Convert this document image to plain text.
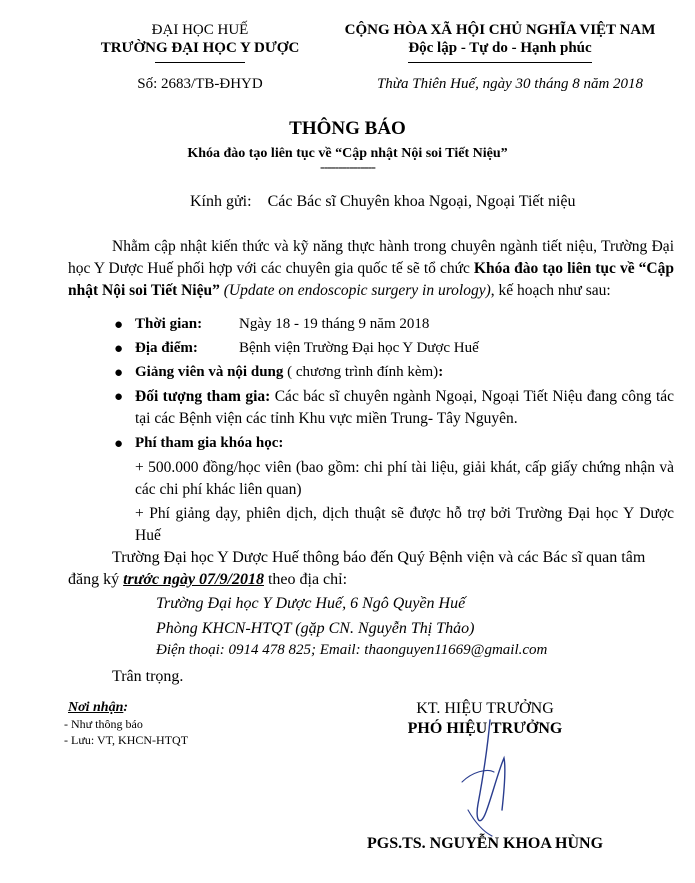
ĐẠI HỌC HUẾ
TRƯỜNG ĐẠI HỌC Y DƯỢC
Số: 2683/TB-ĐHYD
CỘNG HÒA XÃ HỘI CHỦ NGHĨA VIỆT NAM
Độc lập - Tự do - Hạnh phúc
Thừa Thiên Huế, ngày 30 tháng 8 năm 2018
THÔNG BÁO
Khóa đào tạo liên tục về “Cập nhật Nội soi Tiết Niệu”
---------------
Kính gửi: Các Bác sĩ Chuyên khoa Ngoại, Ngoại Tiết niệu
Nhằm cập nhật kiến thức và kỹ năng thực hành trong chuyên ngành tiết niệu, Trường Đại học Y Dược Huế phối hợp với các chuyên gia quốc tế sẽ tổ chức Khóa đào tạo liên tục về “Cập nhật Nội soi Tiết Niệu” (Update on endoscopic surgery in urology), kế hoạch như sau:
● Thời gian: Ngày 18 - 19 tháng 9 năm 2018
● Địa điểm:	Bệnh viện Trường Đại học Y Dược Huế
● Giảng viên và nội dung ( chương trình đính kèm):
● Đối tượng tham gia: Các bác sĩ chuyên ngành Ngoại, Ngoại Tiết Niệu đang công tác tại các Bệnh viện các tỉnh Khu vực miền Trung- Tây Nguyên.
● Phí tham gia khóa học:
+ 500.000 đồng/học viên (bao gồm: chi phí tài liệu, giải khát, cấp giấy chứng nhận và các chi phí khác liên quan)
+ Phí giảng dạy, phiên dịch, dịch thuật sẽ được hỗ trợ bởi Trường Đại học Y Dược Huế
Trường Đại học Y Dược Huế thông báo đến Quý Bệnh viện và các Bác sĩ quan tâm
đăng ký trước ngày 07/9/2018 theo địa chỉ:
Trường Đại học Y Dược Huế, 6 Ngô Quyền Huế
Phòng KHCN-HTQT (gặp CN. Nguyễn Thị Thảo)
Điện thoại: 0914 478 825; Email: thaonguyen11669@gmail.com
Trân trọng.
Nơi nhận:
- Như thông báo
- Lưu: VT, KHCN-HTQT
KT. HIỆU TRƯỞNG
PHÓ HIỆU TRƯỞNG
PGS.TS. NGUYỄN KHOA HÙNG
